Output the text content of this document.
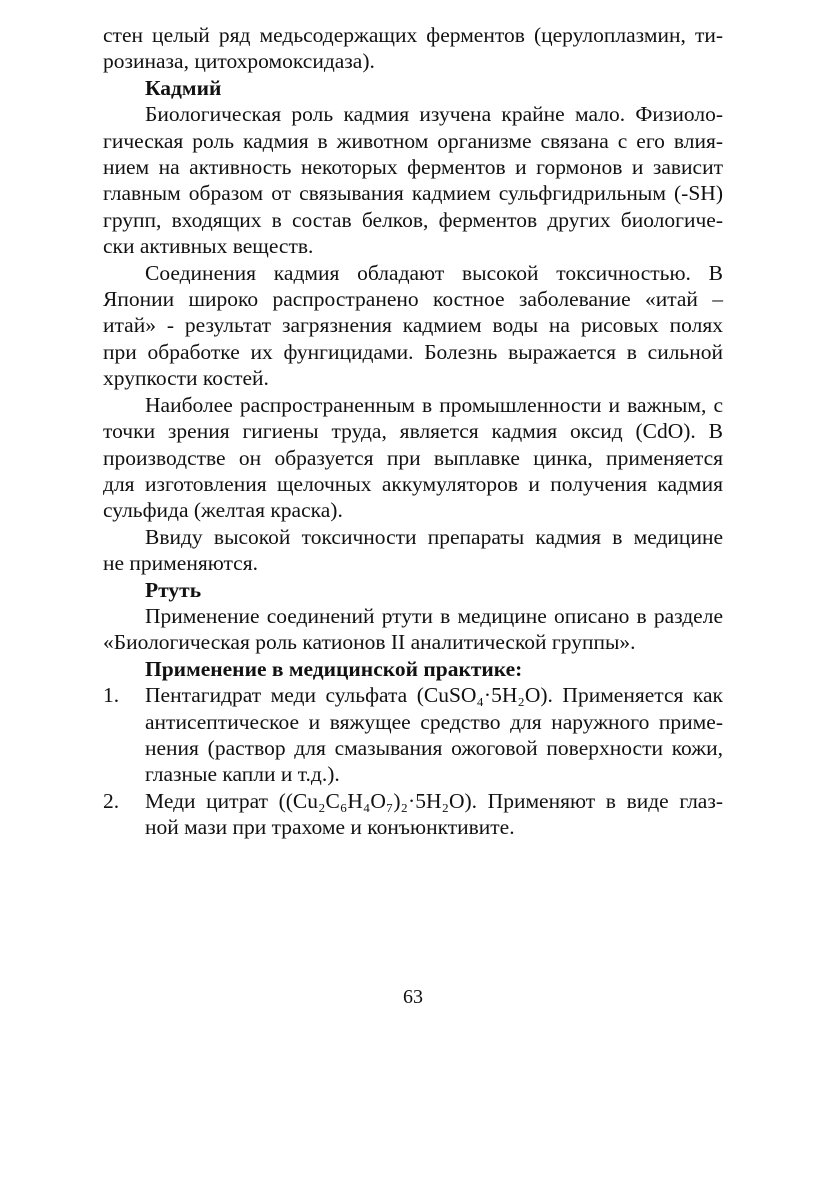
стен целый ряд медьсодержащих ферментов (церулоплазмин, ти-
розиназа, цитохромоксидаза).
Кадмий
Биологическая роль кадмия изучена крайне мало. Физиоло-
гическая роль кадмия в животном организме связана с его влия-
нием на активность некоторых ферментов и гормонов и зависит
главным образом от связывания кадмием сульфгидрильным (-SH)
групп, входящих в состав белков, ферментов других биологиче-
ски активных веществ.
Соединения кадмия обладают высокой токсичностью. В
Японии широко распространено костное заболевание «итай –
итай» - результат загрязнения кадмием воды на рисовых полях
при обработке их фунгицидами. Болезнь выражается в сильной
хрупкости костей.
Наиболее распространенным в промышленности и важным, с
точки зрения гигиены труда, является кадмия оксид (CdO). В
производстве он образуется при выплавке цинка, применяется
для изготовления щелочных аккумуляторов и получения кадмия
сульфида (желтая краска).
Ввиду высокой токсичности препараты кадмия в медицине
не применяются.
Ртуть
Применение соединений ртути в медицине описано в разделе
«Биологическая роль катионов II аналитической группы».
Применение в медицинской практике:
1. Пентагидрат меди сульфата (CuSO₄·5H₂O). Применяется как
антисептическое и вяжущее средство для наружного приме-
нения (раствор для смазывания ожоговой поверхности кожи,
глазные капли и т.д.).
2. Меди цитрат ((Cu₂C₆H₄O₇)₂·5H₂O). Применяют в виде глаз-
ной мази при трахоме и конъюнктивите.
63
